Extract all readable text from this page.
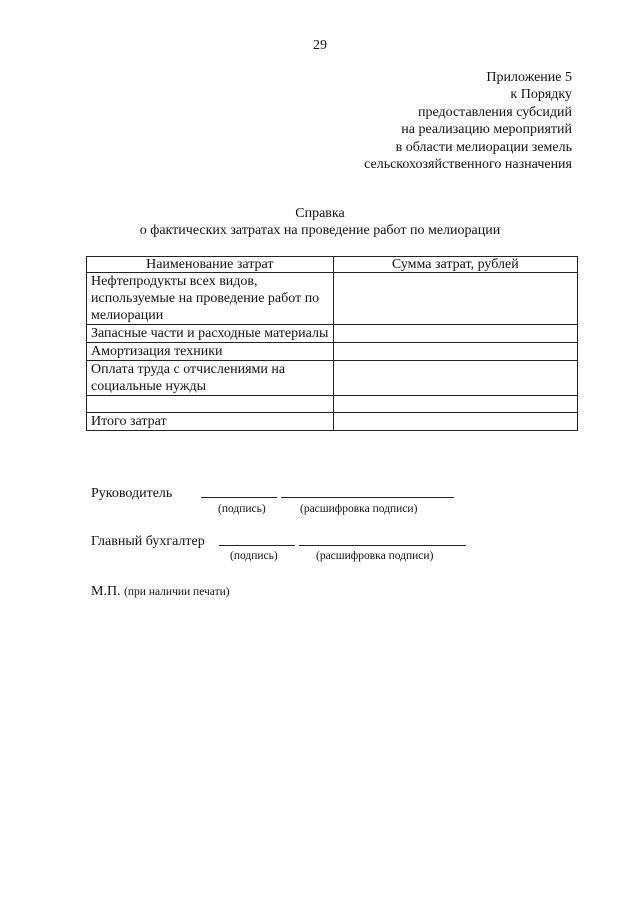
29
Приложение 5
к Порядку
предоставления субсидий
на реализацию мероприятий
в области мелиорации земель
сельскохозяйственного назначения
Справка
о фактических затратах на проведение работ по мелиорации
Наименование затрат	Сумма затрат, рублей
Нефтепродукты всех видов, используемые на проведение работ по мелиорации	
Запасные части и расходные материалы	
Амортизация техники	
Оплата труда с отчислениями на социальные нужды	

Итого затрат	
Руководитель
(подпись)	(расшифровка подписи)
Главный бухгалтер
(подпись)	(расшифровка подписи)
М.П. (при наличии печати)
